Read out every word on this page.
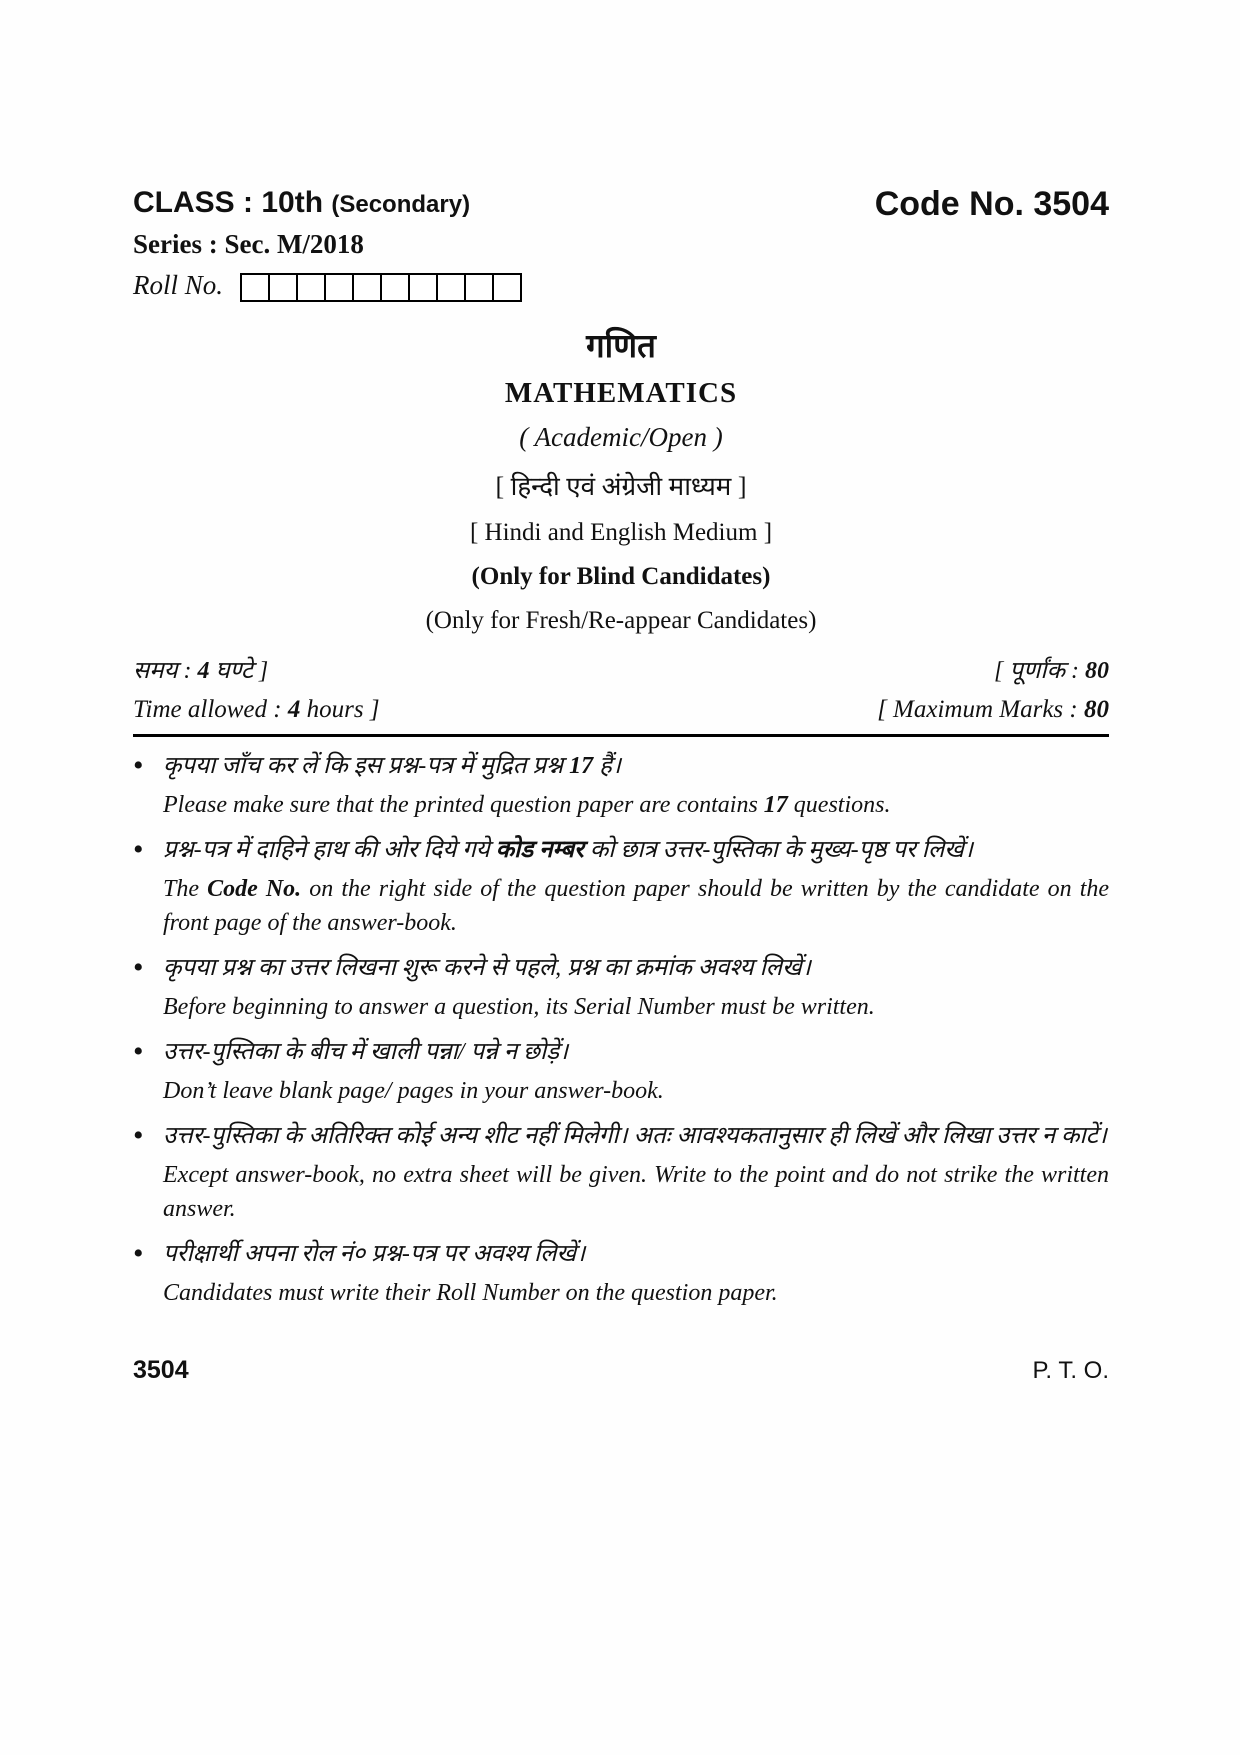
CLASS : 10th (Secondary)	Code No. 3504
Series : Sec. M/2018
Roll No.
गणित
MATHEMATICS
( Academic/Open )
[ हिन्दी एवं अंग्रेजी माध्यम ]
[ Hindi and English Medium ]
(Only for Blind Candidates)
(Only for Fresh/Re-appear Candidates)
समय : 4 घण्टे ]	[ पूर्णांक : 80
Time allowed : 4 hours ]	[ Maximum Marks : 80
• कृपया जाँच कर लें कि इस प्रश्न-पत्र में मुद्रित प्रश्न 17 हैं।

Please make sure that the printed question paper are contains 17 questions.

• प्रश्न-पत्र में दाहिने हाथ की ओर दिये गये कोड नम्बर को छात्र उत्तर-पुस्तिका के मुख्य-पृष्ठ पर लिखें।

The Code No. on the right side of the question paper should be written by the candidate on the front page of the answer-book.

• कृपया प्रश्न का उत्तर लिखना शुरू करने से पहले, प्रश्न का क्रमांक अवश्य लिखें।

Before beginning to answer a question, its Serial Number must be written.

• उत्तर-पुस्तिका के बीच में खाली पन्ना/ पन्ने न छोड़ें।

Don’t leave blank page/ pages in your answer-book.

• उत्तर-पुस्तिका के अतिरिक्त कोई अन्य शीट नहीं मिलेगी। अतः आवश्यकतानुसार ही लिखें और लिखा उत्तर न काटें।

Except answer-book, no extra sheet will be given. Write to the point and do not strike the written answer.

• परीक्षार्थी अपना रोल नं० प्रश्न-पत्र पर अवश्य लिखें।

Candidates must write their Roll Number on the question paper.

3504	P. T. O.
